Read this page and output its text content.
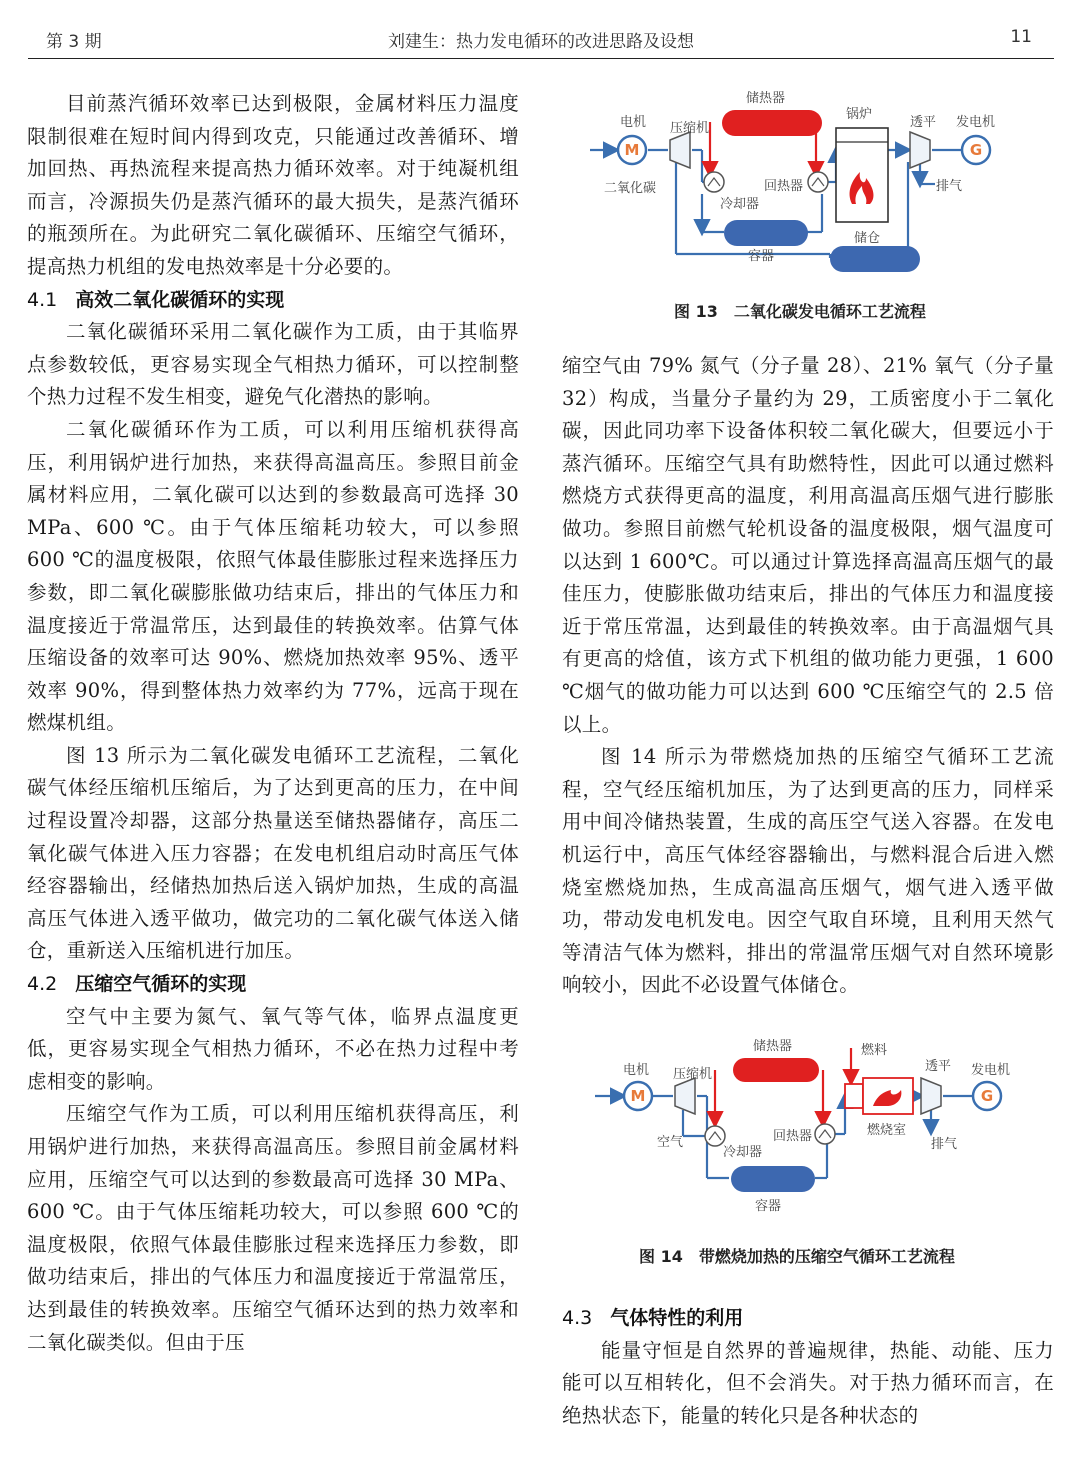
第 3 期	刘建生：热力发电循环的改进思路及设想	11

目前蒸汽循环效率已达到极限，金属材料压力温度限制很难在短时间内得到攻克，只能通过改善循环、增加回热、再热流程来提高热力循环效率。对于纯凝机组而言，冷源损失仍是蒸汽循环的最大损失，是蒸汽循环的瓶颈所在。为此研究二氧化碳循环、压缩空气循环，提高热力机组的发电热效率是十分必要的。

4.1 高效二氧化碳循环的实现

二氧化碳循环采用二氧化碳作为工质，由于其临界点参数较低，更容易实现全气相热力循环，可以控制整个热力过程不发生相变，避免气化潜热的影响。

二氧化碳循环作为工质，可以利用压缩机获得高压，利用锅炉进行加热，来获得高温高压。参照目前金属材料应用，二氧化碳可以达到的参数最高可选择 30 MPa、600 ℃。由于气体压缩耗功较大，可以参照 600 ℃的温度极限，依照气体最佳膨胀过程来选择压力参数，即二氧化碳膨胀做功结束后，排出的气体压力和温度接近于常温常压，达到最佳的转换效率。估算气体压缩设备的效率可达 90%、燃烧加热效率 95%、透平效率 90%，得到整体热力效率约为 77%，远高于现在燃煤机组。

图 13 所示为二氧化碳发电循环工艺流程，二氧化碳气体经压缩机压缩后，为了达到更高的压力，在中间过程设置冷却器，这部分热量送至储热器储存，高压二氧化碳气体进入压力容器；在发电机组启动时高压气体经容器输出，经储热加热后送入锅炉加热，生成的高温高压气体进入透平做功，做完功的二氧化碳气体送入储仓，重新送入压缩机进行加压。

4.2 压缩空气循环的实现

空气中主要为氮气、氧气等气体，临界点温度更低，更容易实现全气相热力循环，不必在热力过程中考虑相变的影响。

压缩空气作为工质，可以利用压缩机获得高压，利用锅炉进行加热，来获得高温高压。参照目前金属材料应用，压缩空气可以达到的参数最高可选择 30 MPa、600 ℃。由于气体压缩耗功较大，可以参照 600 ℃的温度极限，依照气体最佳膨胀过程来选择压力参数，即做功结束后，排出的气体压力和温度接近于常温常压，达到最佳的转换效率。压缩空气循环达到的热力效率和二氧化碳类似。但由于压

M	G
电机 压缩机
储热器
锅炉
透平 发电机
二氧化碳
冷却器
回热器	排气
容器
储仓
图 13　二氧化碳发电循环工艺流程

缩空气由 79% 氮气（分子量 28）、21% 氧气（分子量 32）构成，当量分子量约为 29，工质密度小于二氧化碳，因此同功率下设备体积较二氧化碳大，但要远小于蒸汽循环。压缩空气具有助燃特性，因此可以通过燃料燃烧方式获得更高的温度，利用高温高压烟气进行膨胀做功。参照目前燃气轮机设备的温度极限，烟气温度可以达到 1 600℃。可以通过计算选择高温高压烟气的最佳压力，使膨胀做功结束后，排出的气体压力和温度接近于常压常温，达到最佳的转换效率。由于高温烟气具有更高的焓值，该方式下机组的做功能力更强，1 600 ℃烟气的做功能力可以达到 600 ℃压缩空气的 2.5 倍以上。

图 14 所示为带燃烧加热的压缩空气循环工艺流程，空气经压缩机加压，为了达到更高的压力，同样采用中间冷储热装置，生成的高压空气送入容器。在发电机运行中，高压气体经容器输出，与燃料混合后进入燃烧室燃烧加热，生成高温高压烟气，烟气进入透平做功，带动发电机发电。因空气取自环境，且利用天然气等清洁气体为燃料，排出的常温常压烟气对自然环境影响较小，因此不必设置气体储仓。

M	G
电机 压缩机
储热器	燃料
透平 发电机
空气
冷却器
回热器	燃烧室
排气
容器
图 14　带燃烧加热的压缩空气循环工艺流程
4.3 气体特性的利用

能量守恒是自然界的普遍规律，热能、动能、压力能可以互相转化，但不会消失。对于热力循环而言，在绝热状态下，能量的转化只是各种状态的
